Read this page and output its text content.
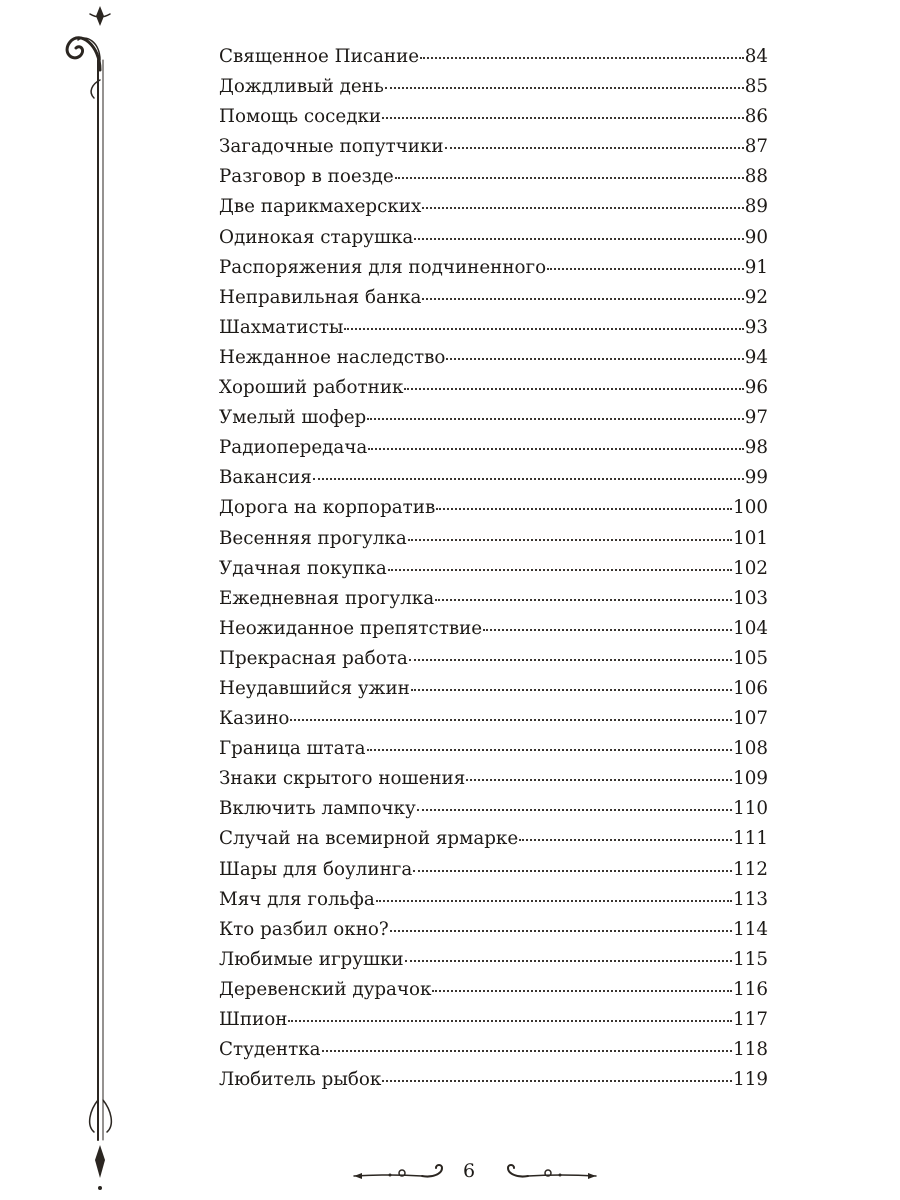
Священное Писание	84
Дождливый день	85
Помощь соседки	86
Загадочные попутчики	87
Разговор в поезде	88
Две парикмахерских	89
Одинокая старушка	90
Распоряжения для подчиненного	91
Неправильная банка	92
Шахматисты	93
Нежданное наследство	94
Хороший работник	96
Умелый шофер	97
Радиопередача	98
Вакансия	99
Дорога на корпоратив	100
Весенняя прогулка	101
Удачная покупка	102
Ежедневная прогулка	103
Неожиданное препятствие	104
Прекрасная работа	105
Неудавшийся ужин	106
Казино	107
Граница штата	108
Знаки скрытого ношения	109
Включить лампочку	110
Случай на всемирной ярмарке	111
Шары для боулинга	112
Мяч для гольфа	113
Кто разбил окно?	114
Любимые игрушки	115
Деревенский дурачок	116
Шпион	117
Студентка	118
Любитель рыбок	119
6
